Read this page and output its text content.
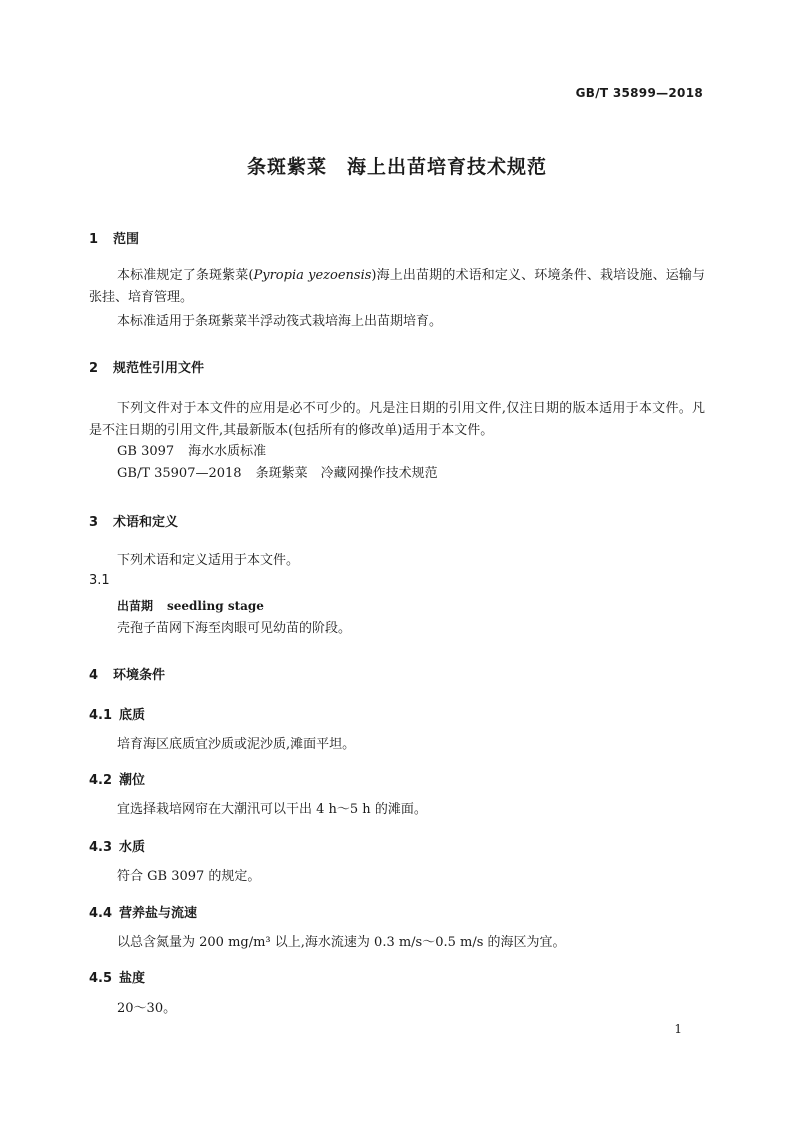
GB/T 35899—2018
条斑紫菜　海上出苗培育技术规范
1 范围
本标准规定了条斑紫菜(Pyropia yezoensis)海上出苗期的术语和定义、环境条件、栽培设施、运输与张挂、培育管理。
本标准适用于条斑紫菜半浮动筏式栽培海上出苗期培育。
2 规范性引用文件
下列文件对于本文件的应用是必不可少的。凡是注日期的引用文件,仅注日期的版本适用于本文件。凡是不注日期的引用文件,其最新版本(包括所有的修改单)适用于本文件。
GB 3097 海水水质标准
GB/T 35907—2018 条斑紫菜　冷藏网操作技术规范
3 术语和定义
下列术语和定义适用于本文件。
3.1
出苗期 seedling stage
壳孢子苗网下海至肉眼可见幼苗的阶段。
4 环境条件
4.1 底质
培育海区底质宜沙质或泥沙质,滩面平坦。
4.2 潮位
宜选择栽培网帘在大潮汛可以干出 4 h～5 h 的滩面。
4.3 水质
符合 GB 3097 的规定。
4.4 营养盐与流速
以总含氮量为 200 mg/m³ 以上,海水流速为 0.3 m/s～0.5 m/s 的海区为宜。
4.5 盐度
20～30。
1
